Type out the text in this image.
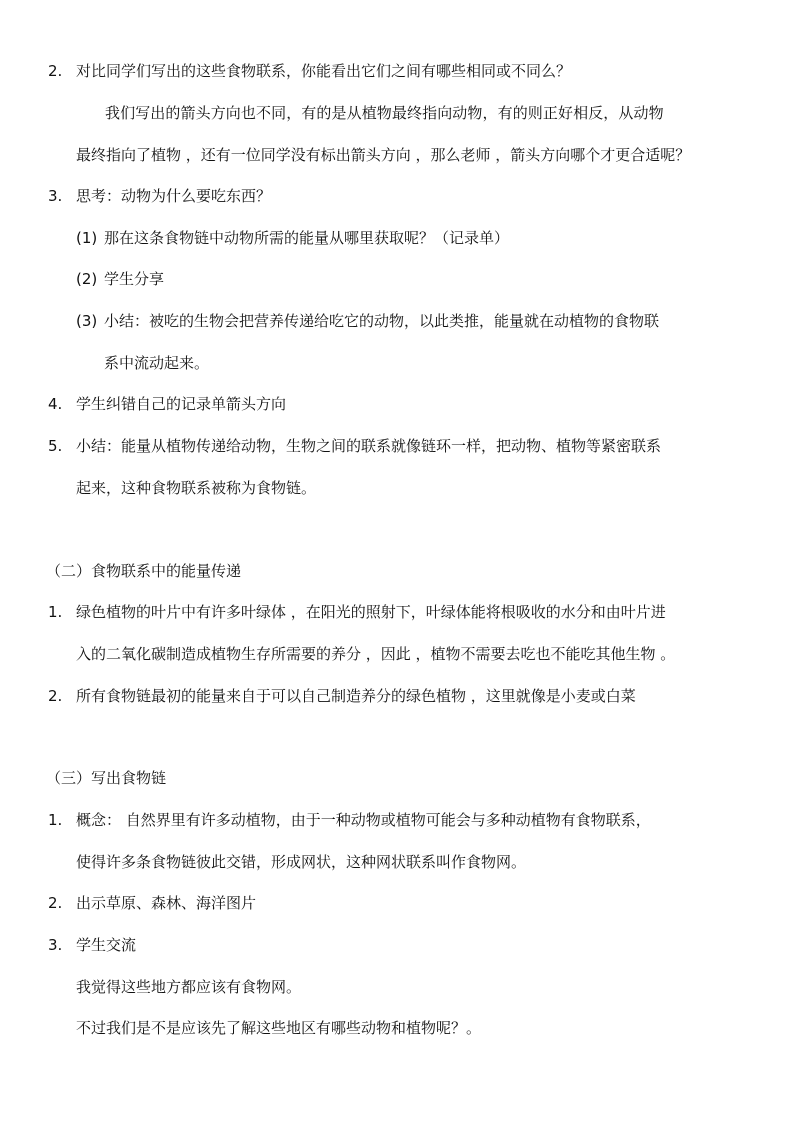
2. 对比同学们写出的这些食物联系，你能看出它们之间有哪些相同或不同么？
我们写出的箭头方向也不同，有的是从植物最终指向动物，有的则正好相反，从动物
最终指向了植物 ，还有一位同学没有标出箭头方向 ，那么老师 ，箭头方向哪个才更合适呢？
3. 思考：动物为什么要吃东西？
(1) 那在这条食物链中动物所需的能量从哪里获取呢？（记录单）
(2) 学生分享
(3) 小结：被吃的生物会把营养传递给吃它的动物，以此类推，能量就在动植物的食物联
系中流动起来。
4. 学生纠错自己的记录单箭头方向
5. 小结：能量从植物传递给动物，生物之间的联系就像链环一样，把动物、植物等紧密联系
起来，这种食物联系被称为食物链。
（二）食物联系中的能量传递
1. 绿色植物的叶片中有许多叶绿体 ，在阳光的照射下，叶绿体能将根吸收的水分和由叶片进
入的二氧化碳制造成植物生存所需要的养分 ，因此 ，植物不需要去吃也不能吃其他生物 。
2. 所有食物链最初的能量来自于可以自己制造养分的绿色植物 ，这里就像是小麦或白菜
（三）写出食物链
1. 概念： 自然界里有许多动植物，由于一种动物或植物可能会与多种动植物有食物联系，
使得许多条食物链彼此交错，形成网状，这种网状联系叫作食物网。
2. 出示草原、森林、海洋图片
3. 学生交流
我觉得这些地方都应该有食物网。
不过我们是不是应该先了解这些地区有哪些动物和植物呢？。
